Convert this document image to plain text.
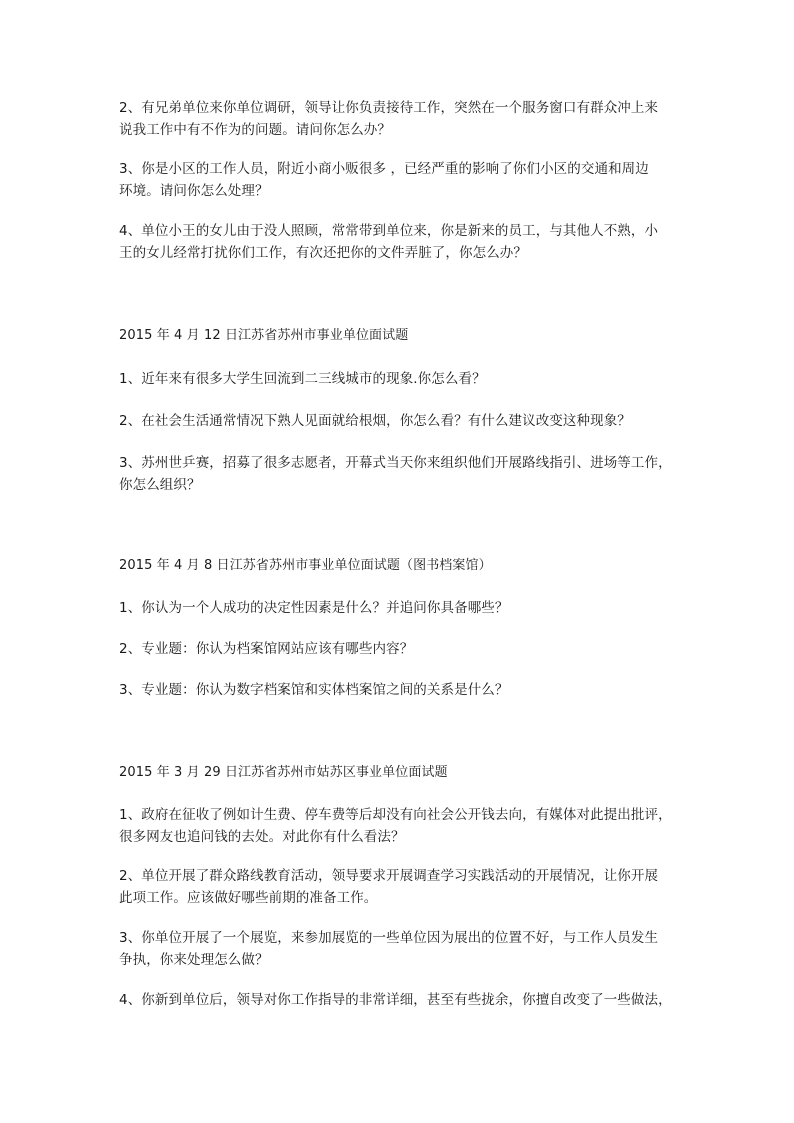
2、有兄弟单位来你单位调研，领导让你负责接待工作，突然在一个服务窗口有群众冲上来
说我工作中有不作为的问题。请问你怎么办？

3、你是小区的工作人员，附近小商小贩很多 ，已经严重的影响了你们小区的交通和周边
环境。请问你怎么处理？

4、单位小王的女儿由于没人照顾，常常带到单位来，你是新来的员工，与其他人不熟，小
王的女儿经常打扰你们工作，有次还把你的文件弄脏了，你怎么办？

2015 年 4 月 12 日江苏省苏州市事业单位面试题

1、近年来有很多大学生回流到二三线城市的现象.你怎么看？

2、在社会生活通常情况下熟人见面就给根烟，你怎么看？有什么建议改变这种现象？

3、苏州世乒赛，招募了很多志愿者，开幕式当天你来组织他们开展路线指引、进场等工作，
你怎么组织？

2015 年 4 月 8 日江苏省苏州市事业单位面试题（图书档案馆）

1、你认为一个人成功的决定性因素是什么？并追问你具备哪些？

2、专业题：你认为档案馆网站应该有哪些内容？

3、专业题：你认为数字档案馆和实体档案馆之间的关系是什么？

2015 年 3 月 29 日江苏省苏州市姑苏区事业单位面试题

1、政府在征收了例如计生费、停车费等后却没有向社会公开钱去向，有媒体对此提出批评，
很多网友也追问钱的去处。对此你有什么看法？

2、单位开展了群众路线教育活动，领导要求开展调查学习实践活动的开展情况，让你开展
此项工作。应该做好哪些前期的准备工作。

3、你单位开展了一个展览，来参加展览的一些单位因为展出的位置不好，与工作人员发生
争执，你来处理怎么做？

4、你新到单位后，领导对你工作指导的非常详细，甚至有些拢余，你擅自改变了一些做法，
